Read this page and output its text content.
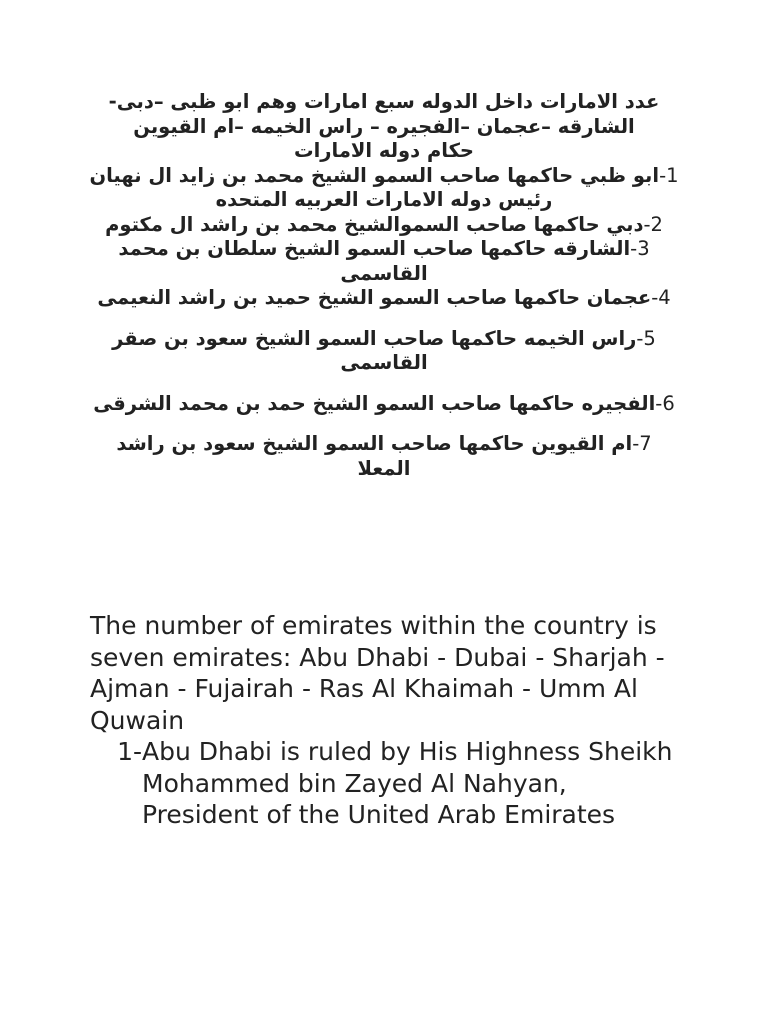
عدد الامارات داخل الدوله سبع امارات وهم ابو ظبى –دبى-الشارقه –عجمان –الفجيره – راس الخيمه –ام القيوين

حكام دوله الامارات

1-ابو ظبي حاكمها صاحب السمو الشيخ محمد بن زايد ال نهيان رئيس دوله الامارات العربيه المتحده

2-دبي حاكمها صاحب السموالشيخ محمد بن راشد ال مكتوم

3-الشارقه حاكمها صاحب السمو الشيخ سلطان بن محمد القاسمى

4-عجمان حاكمها صاحب السمو الشيخ حميد بن راشد النعيمى

5-راس الخيمه حاكمها صاحب السمو الشيخ سعود بن صقر القاسمى

6-الفجيره حاكمها صاحب السمو الشيخ حمد بن محمد الشرقى

7-ام القيوين حاكمها صاحب السمو الشيخ سعود بن راشد المعلا

The number of emirates within the country is seven emirates: Abu Dhabi - Dubai - Sharjah - Ajman - Fujairah - Ras Al Khaimah - Umm Al Quwain

1- Abu Dhabi is ruled by His Highness Sheikh Mohammed bin Zayed Al Nahyan, President of the United Arab Emirates
